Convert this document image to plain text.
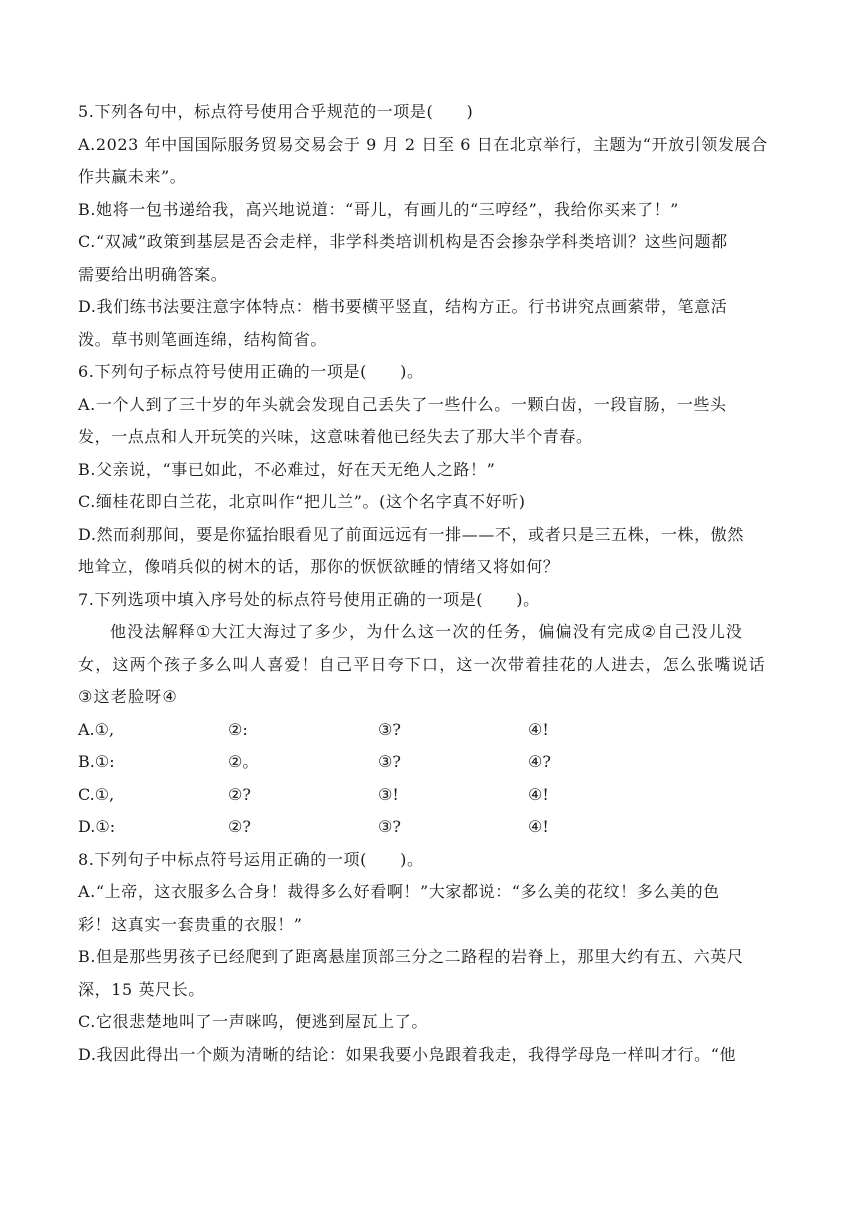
5.下列各句中，标点符号使用合乎规范的一项是(　　)
A.2023 年中国国际服务贸易交易会于 9 月 2 日至 6 日在北京举行，主题为“开放引领发展合
作共赢未来”。
B.她将一包书递给我，高兴地说道：“哥儿，有画儿的“三哼经”，我给你买来了！”
C.“双减”政策到基层是否会走样，非学科类培训机构是否会掺杂学科类培训？这些问题都
需要给出明确答案。
D.我们练书法要注意字体特点：楷书要横平竖直，结构方正。行书讲究点画萦带，笔意活
泼。草书则笔画连绵，结构简省。
6.下列句子标点符号使用正确的一项是(　　)。
A.一个人到了三十岁的年头就会发现自己丢失了一些什么。一颗白齿，一段盲肠，一些头
发，一点点和人开玩笑的兴味，这意味着他已经失去了那大半个青春。
B.父亲说，“事已如此，不必难过，好在天无绝人之路！”
C.缅桂花即白兰花，北京叫作“把儿兰”。(这个名字真不好听)
D.然而刹那间，要是你猛抬眼看见了前面远远有一排——不，或者只是三五株，一株，傲然
地耸立，像哨兵似的树木的话，那你的恹恹欲睡的情绪又将如何？
7.下列选项中填入序号处的标点符号使用正确的一项是(　　)。
他没法解释①大江大海过了多少，为什么这一次的任务，偏偏没有完成②自己没儿没
女，这两个孩子多么叫人喜爱！自己平日夸下口，这一次带着挂花的人进去，怎么张嘴说话
③这老脸呀④
A.①,	②:	③?	④!
B.①:	②。	③?	④?
C.①,	②?	③!	④!
D.①:	②?	③?	④!
8.下列句子中标点符号运用正确的一项(　　)。
A.“上帝，这衣服多么合身！裁得多么好看啊！”大家都说：“多么美的花纹！多么美的色
彩！这真实一套贵重的衣服！”
B.但是那些男孩子已经爬到了距离悬崖顶部三分之二路程的岩脊上，那里大约有五、六英尺
深，15 英尺长。
C.它很悲楚地叫了一声咪呜，便逃到屋瓦上了。
D.我因此得出一个颇为清晰的结论：如果我要小凫跟着我走，我得学母凫一样叫才行。“他
